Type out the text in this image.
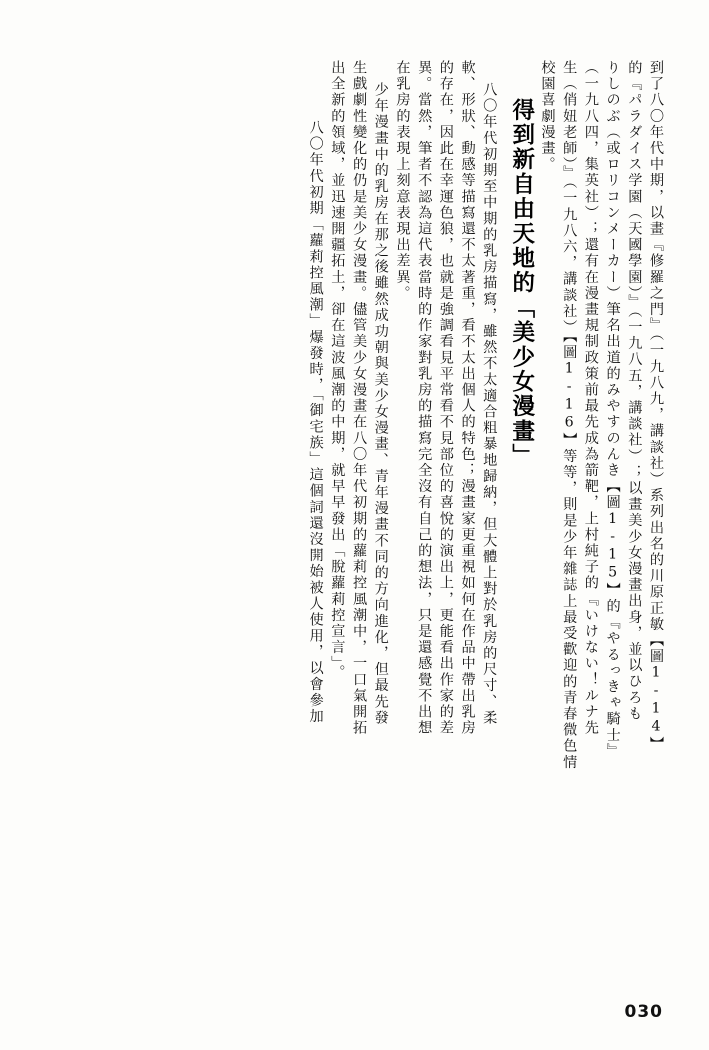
到了八〇年代中期，以畫『修羅之門』（一九八九，講談社）系列出名的川原正敏【圖1-14】
的『パラダイス学園（天國學園）』（一九八五，講談社）；以畫美少女漫畫出身，並以ひろも
りしのぶ（或ロリコンメーカー）筆名出道的みやすのんき【圖1-15】的『やるっきゃ騎士』
（一九八四，集英社）；還有在漫畫規制政策前最先成為箭靶，上村純子的『いけない！ルナ先
生（俏妞老師）』（一九八六，講談社）【圖1-16】等等，則是少年雜誌上最受歡迎的青春微色情
校園喜劇漫畫。
得到新自由天地的「美少女漫畫」
八〇年代初期至中期的乳房描寫，雖然不太適合粗暴地歸納，但大體上對於乳房的尺寸、柔
軟、形狀、動感等描寫還不太著重，看不太出個人的特色；漫畫家更重視如何在作品中帶出乳房
的存在，因此在幸運色狼，也就是強調看見平常看不見部位的喜悅的演出上，更能看出作家的差
異。當然，筆者不認為這代表當時的作家對乳房的描寫完全沒有自己的想法，只是還感覺不出想
在乳房的表現上刻意表現出差異。
少年漫畫中的乳房在那之後雖然成功朝與美少女漫畫、青年漫畫不同的方向進化，但最先發
生戲劇性變化的仍是美少女漫畫。儘管美少女漫畫在八〇年代初期的蘿莉控風潮中，一口氣開拓
出全新的領域，並迅速開疆拓土，卻在這波風潮的中期，就早早發出「脫蘿莉控宣言」。
八〇年代初期「蘿莉控風潮」爆發時，「御宅族」這個詞還沒開始被人使用，以會參加
030
